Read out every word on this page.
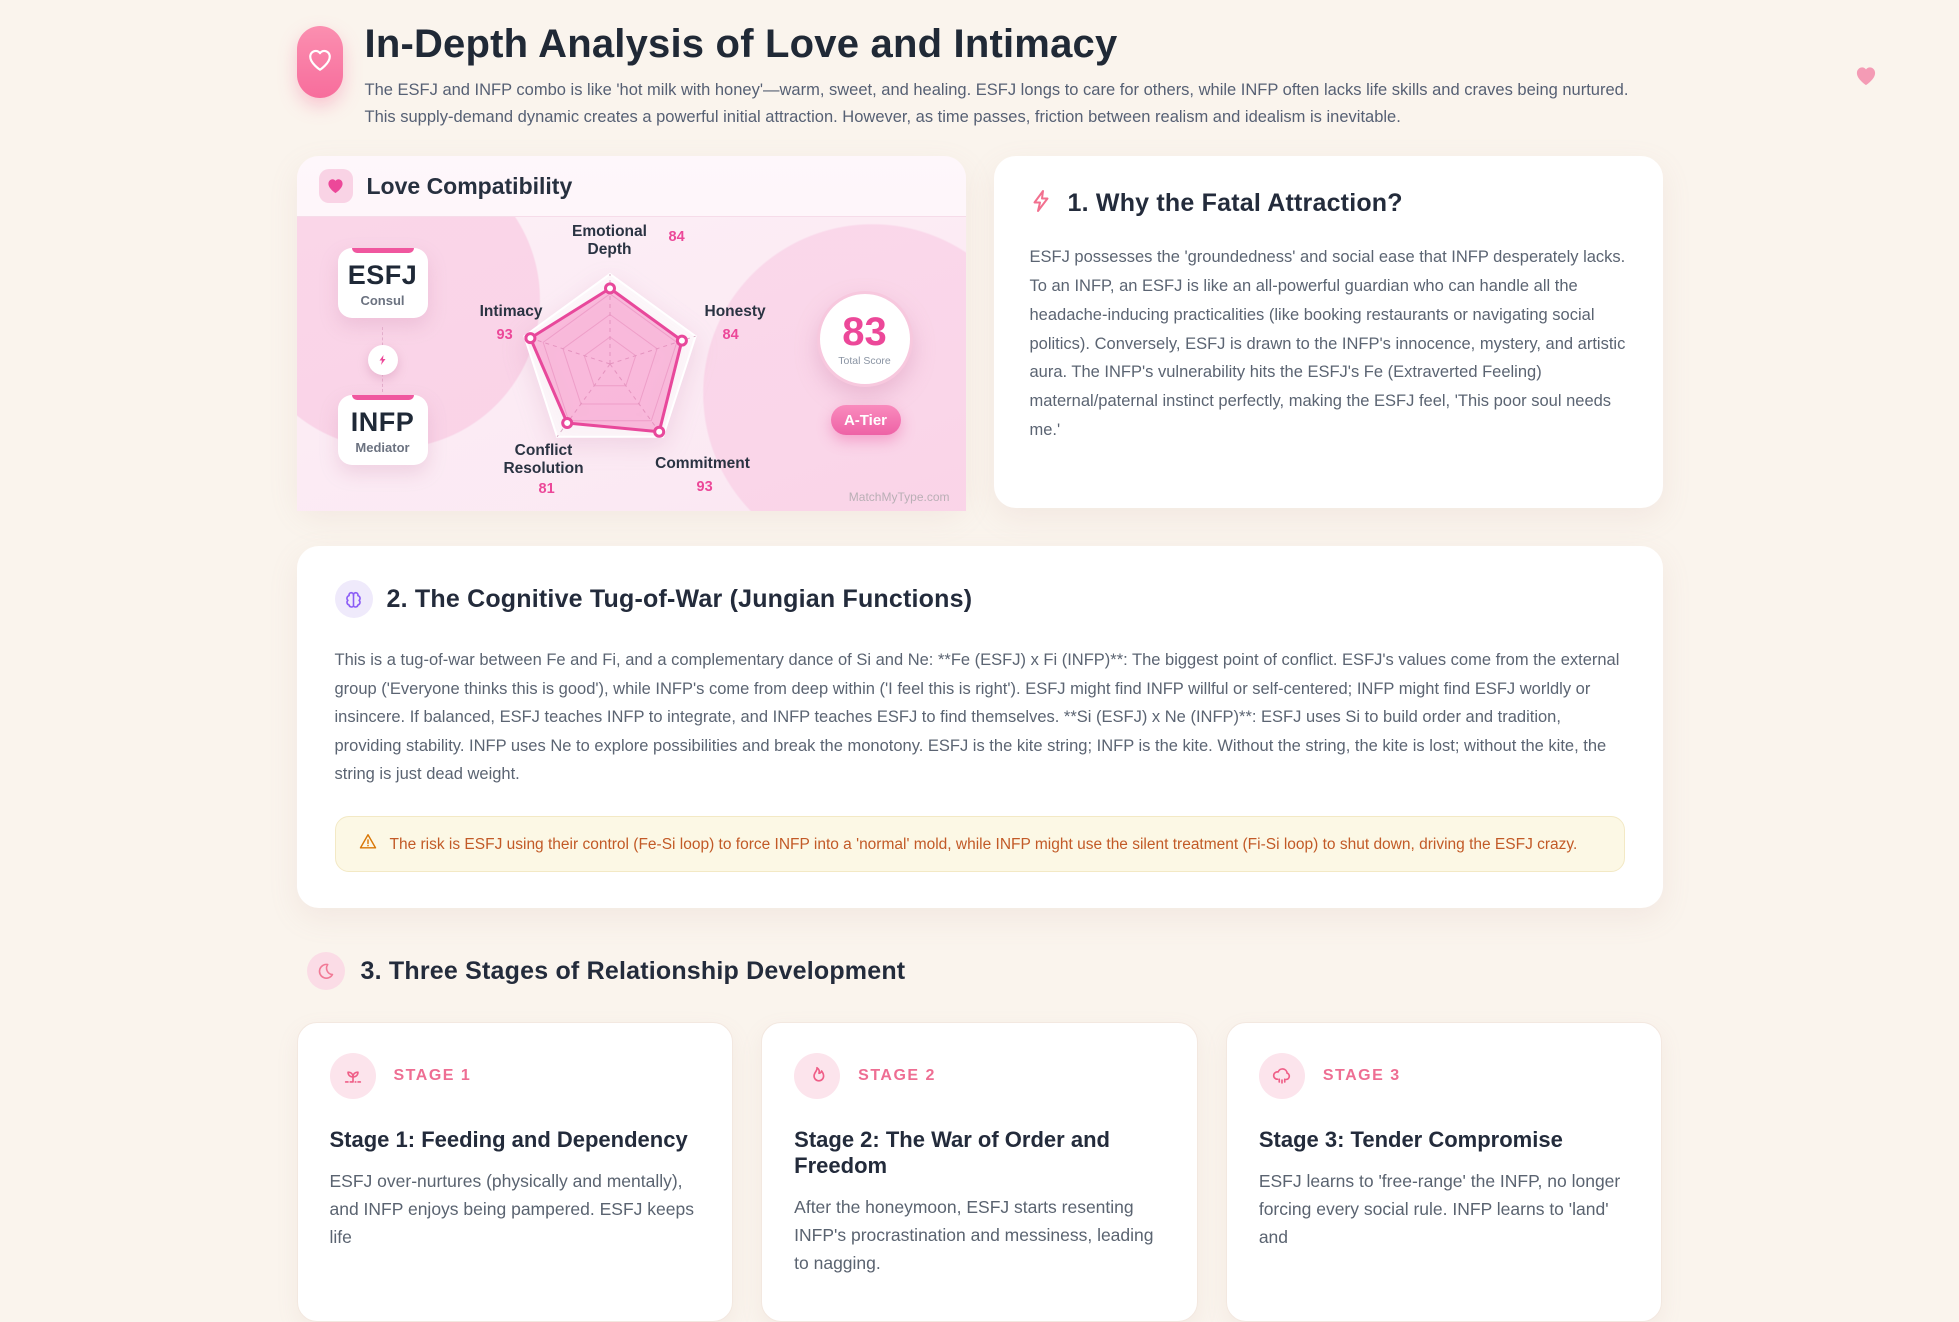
In-Depth Analysis of Love and Intimacy

The ESFJ and INFP combo is like 'hot milk with honey'—warm, sweet, and healing. ESFJ longs to care for others, while INFP often lacks life skills and craves being nurtured. This supply-demand dynamic creates a powerful initial attraction. However, as time passes, friction between realism and idealism is inevitable.

Love Compatibility
ESFJ
Consul
INFP
Mediator
Emotional Depth
84
Honesty
84
Commitment
93
Conflict Resolution
81
Intimacy
93	83
Total Score
A-Tier
MatchMyType.com
1. Why the Fatal Attraction?

ESFJ possesses the 'groundedness' and social ease that INFP desperately lacks. To an INFP, an ESFJ is like an all-powerful guardian who can handle all the headache-inducing practicalities (like booking restaurants or navigating social politics). Conversely, ESFJ is drawn to the INFP's innocence, mystery, and artistic aura. The INFP's vulnerability hits the ESFJ's Fe (Extraverted Feeling) maternal/paternal instinct perfectly, making the ESFJ feel, 'This poor soul needs me.'

2. The Cognitive Tug-of-War (Jungian Functions)

This is a tug-of-war between Fe and Fi, and a complementary dance of Si and Ne: **Fe (ESFJ) x Fi (INFP)**: The biggest point of conflict. ESFJ's values come from the external group ('Everyone thinks this is good'), while INFP's come from deep within ('I feel this is right'). ESFJ might find INFP willful or self-centered; INFP might find ESFJ worldly or insincere. If balanced, ESFJ teaches INFP to integrate, and INFP teaches ESFJ to find themselves. **Si (ESFJ) x Ne (INFP)**: ESFJ uses Si to build order and tradition, providing stability. INFP uses Ne to explore possibilities and break the monotony. ESFJ is the kite string; INFP is the kite. Without the string, the kite is lost; without the kite, the string is just dead weight.

The risk is ESFJ using their control (Fe-Si loop) to force INFP into a 'normal' mold, while INFP might use the silent treatment (Fi-Si loop) to shut down, driving the ESFJ crazy.
3. Three Stages of Relationship Development
STAGE 1
Stage 1: Feeding and Dependency

ESFJ over-nurtures (physically and mentally), and INFP enjoys being pampered. ESFJ keeps life

STAGE 2
Stage 2: The War of Order and Freedom

After the honeymoon, ESFJ starts resenting INFP's procrastination and messiness, leading to nagging.

STAGE 3
Stage 3: Tender Compromise

ESFJ learns to 'free-range' the INFP, no longer forcing every social rule. INFP learns to 'land' and
